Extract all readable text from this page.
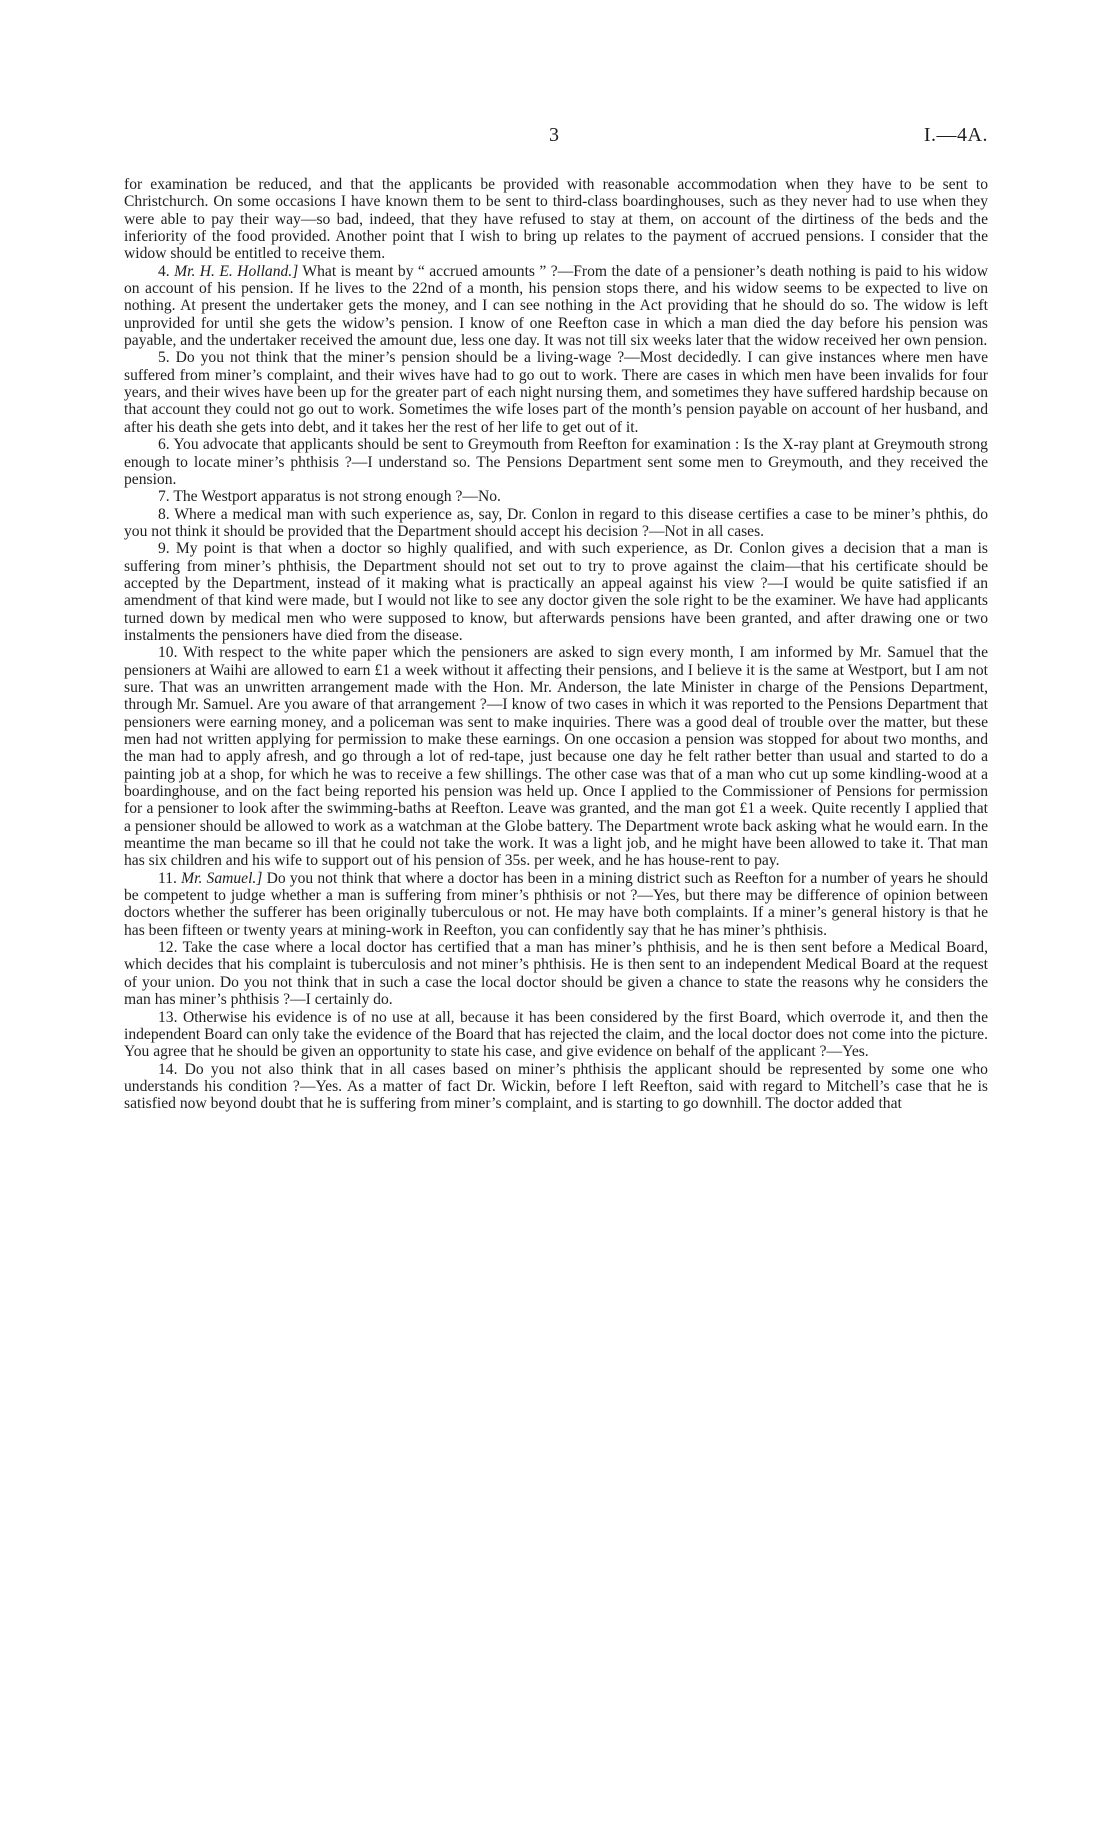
3	I.—4A.

for examination be reduced, and that the applicants be provided with reasonable accommodation when they have to be sent to Christchurch. On some occasions I have known them to be sent to third-class boardinghouses, such as they never had to use when they were able to pay their way—so bad, indeed, that they have refused to stay at them, on account of the dirtiness of the beds and the inferiority of the food provided. Another point that I wish to bring up relates to the payment of accrued pensions. I consider that the widow should be entitled to receive them.

4. Mr. H. E. Holland.] What is meant by “ accrued amounts ” ?—From the date of a pensioner’s death nothing is paid to his widow on account of his pension. If he lives to the 22nd of a month, his pension stops there, and his widow seems to be expected to live on nothing. At present the undertaker gets the money, and I can see nothing in the Act providing that he should do so. The widow is left unprovided for until she gets the widow’s pension. I know of one Reefton case in which a man died the day before his pension was payable, and the undertaker received the amount due, less one day. It was not till six weeks later that the widow received her own pension.

5. Do you not think that the miner’s pension should be a living-wage ?—Most decidedly. I can give instances where men have suffered from miner’s complaint, and their wives have had to go out to work. There are cases in which men have been invalids for four years, and their wives have been up for the greater part of each night nursing them, and sometimes they have suffered hardship because on that account they could not go out to work. Sometimes the wife loses part of the month’s pension payable on account of her husband, and after his death she gets into debt, and it takes her the rest of her life to get out of it.

6. You advocate that applicants should be sent to Greymouth from Reefton for examination : Is the X-ray plant at Greymouth strong enough to locate miner’s phthisis ?—I understand so. The Pensions Department sent some men to Greymouth, and they received the pension.

7. The Westport apparatus is not strong enough ?—No.

8. Where a medical man with such experience as, say, Dr. Conlon in regard to this disease certifies a case to be miner’s phthis, do you not think it should be provided that the Department should accept his decision ?—Not in all cases.

9. My point is that when a doctor so highly qualified, and with such experience, as Dr. Conlon gives a decision that a man is suffering from miner’s phthisis, the Department should not set out to try to prove against the claim—that his certificate should be accepted by the Department, instead of it making what is practically an appeal against his view ?—I would be quite satisfied if an amendment of that kind were made, but I would not like to see any doctor given the sole right to be the examiner. We have had applicants turned down by medical men who were supposed to know, but afterwards pensions have been granted, and after drawing one or two instalments the pensioners have died from the disease.

10. With respect to the white paper which the pensioners are asked to sign every month, I am informed by Mr. Samuel that the pensioners at Waihi are allowed to earn £1 a week without it affecting their pensions, and I believe it is the same at Westport, but I am not sure. That was an unwritten arrangement made with the Hon. Mr. Anderson, the late Minister in charge of the Pensions Department, through Mr. Samuel. Are you aware of that arrangement ?—I know of two cases in which it was reported to the Pensions Department that pensioners were earning money, and a policeman was sent to make inquiries. There was a good deal of trouble over the matter, but these men had not written applying for permission to make these earnings. On one occasion a pension was stopped for about two months, and the man had to apply afresh, and go through a lot of red-tape, just because one day he felt rather better than usual and started to do a painting job at a shop, for which he was to receive a few shillings. The other case was that of a man who cut up some kindling-wood at a boardinghouse, and on the fact being reported his pension was held up. Once I applied to the Commissioner of Pensions for permission for a pensioner to look after the swimming-baths at Reefton. Leave was granted, and the man got £1 a week. Quite recently I applied that a pensioner should be allowed to work as a watchman at the Globe battery. The Department wrote back asking what he would earn. In the meantime the man became so ill that he could not take the work. It was a light job, and he might have been allowed to take it. That man has six children and his wife to support out of his pension of 35s. per week, and he has house-rent to pay.

11. Mr. Samuel.] Do you not think that where a doctor has been in a mining district such as Reefton for a number of years he should be competent to judge whether a man is suffering from miner’s phthisis or not ?—Yes, but there may be difference of opinion between doctors whether the sufferer has been originally tuberculous or not. He may have both complaints. If a miner’s general history is that he has been fifteen or twenty years at mining-work in Reefton, you can confidently say that he has miner’s phthisis.

12. Take the case where a local doctor has certified that a man has miner’s phthisis, and he is then sent before a Medical Board, which decides that his complaint is tuberculosis and not miner’s phthisis. He is then sent to an independent Medical Board at the request of your union. Do you not think that in such a case the local doctor should be given a chance to state the reasons why he considers the man has miner’s phthisis ?—I certainly do.

13. Otherwise his evidence is of no use at all, because it has been considered by the first Board, which overrode it, and then the independent Board can only take the evidence of the Board that has rejected the claim, and the local doctor does not come into the picture. You agree that he should be given an opportunity to state his case, and give evidence on behalf of the applicant ?—Yes.

14. Do you not also think that in all cases based on miner’s phthisis the applicant should be represented by some one who understands his condition ?—Yes. As a matter of fact Dr. Wickin, before I left Reefton, said with regard to Mitchell’s case that he is satisfied now beyond doubt that he is suffering from miner’s complaint, and is starting to go downhill. The doctor added that
